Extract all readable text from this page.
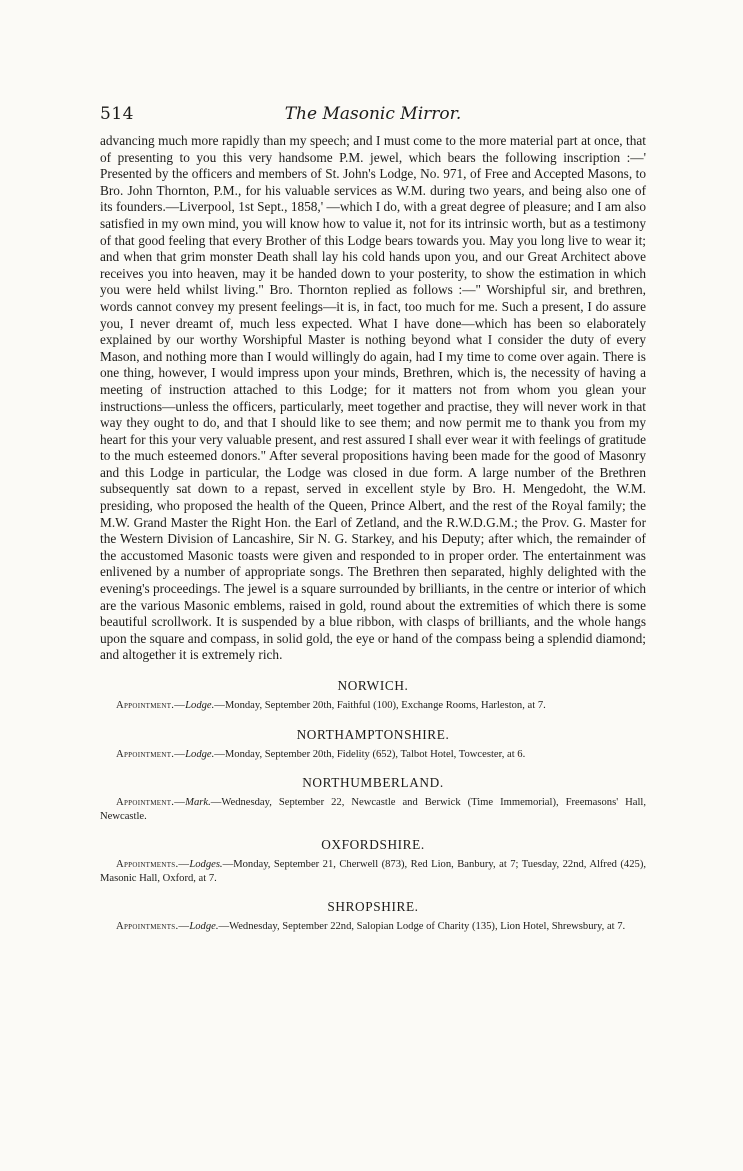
514	The Masonic Mirror.

advancing much more rapidly than my speech; and I must come to the more material part at once, that of presenting to you this very handsome P.M. jewel, which bears the following inscription :—' Presented by the officers and members of St. John's Lodge, No. 971, of Free and Accepted Masons, to Bro. John Thornton, P.M., for his valuable services as W.M. during two years, and being also one of its founders.—Liverpool, 1st Sept., 1858,' —which I do, with a great degree of pleasure; and I am also satisfied in my own mind, you will know how to value it, not for its intrinsic worth, but as a testimony of that good feeling that every Brother of this Lodge bears towards you. May you long live to wear it; and when that grim monster Death shall lay his cold hands upon you, and our Great Architect above receives you into heaven, may it be handed down to your posterity, to show the estimation in which you were held whilst living." Bro. Thornton replied as follows :—" Worshipful sir, and brethren, words cannot convey my present feelings—it is, in fact, too much for me. Such a present, I do assure you, I never dreamt of, much less expected. What I have done—which has been so elaborately explained by our worthy Worshipful Master is nothing beyond what I consider the duty of every Mason, and nothing more than I would willingly do again, had I my time to come over again. There is one thing, however, I would impress upon your minds, Brethren, which is, the necessity of having a meeting of instruction attached to this Lodge; for it matters not from whom you glean your instructions—unless the officers, particularly, meet together and practise, they will never work in that way they ought to do, and that I should like to see them; and now permit me to thank you from my heart for this your very valuable present, and rest assured I shall ever wear it with feelings of gratitude to the much esteemed donors." After several propositions having been made for the good of Masonry and this Lodge in particular, the Lodge was closed in due form. A large number of the Brethren subsequently sat down to a repast, served in excellent style by Bro. H. Mengedoht, the W.M. presiding, who proposed the health of the Queen, Prince Albert, and the rest of the Royal family; the M.W. Grand Master the Right Hon. the Earl of Zetland, and the R.W.D.G.M.; the Prov. G. Master for the Western Division of Lancashire, Sir N. G. Starkey, and his Deputy; after which, the remainder of the accustomed Masonic toasts were given and responded to in proper order. The entertainment was enlivened by a number of appropriate songs. The Brethren then separated, highly delighted with the evening's proceedings. The jewel is a square surrounded by brilliants, in the centre or interior of which are the various Masonic emblems, raised in gold, round about the extremities of which there is some beautiful scrollwork. It is suspended by a blue ribbon, with clasps of brilliants, and the whole hangs upon the square and compass, in solid gold, the eye or hand of the compass being a splendid diamond; and altogether it is extremely rich.

NORWICH.

Appointment.—Lodge.—Monday, September 20th, Faithful (100), Exchange Rooms, Harleston, at 7.

NORTHAMPTONSHIRE.

Appointment.—Lodge.—Monday, September 20th, Fidelity (652), Talbot Hotel, Towcester, at 6.

NORTHUMBERLAND.

Appointment.—Mark.—Wednesday, September 22, Newcastle and Berwick (Time Immemorial), Freemasons' Hall, Newcastle.

OXFORDSHIRE.

Appointments.—Lodges.—Monday, September 21, Cherwell (873), Red Lion, Banbury, at 7; Tuesday, 22nd, Alfred (425), Masonic Hall, Oxford, at 7.

SHROPSHIRE.

Appointments.—Lodge.—Wednesday, September 22nd, Salopian Lodge of Charity (135), Lion Hotel, Shrewsbury, at 7.
